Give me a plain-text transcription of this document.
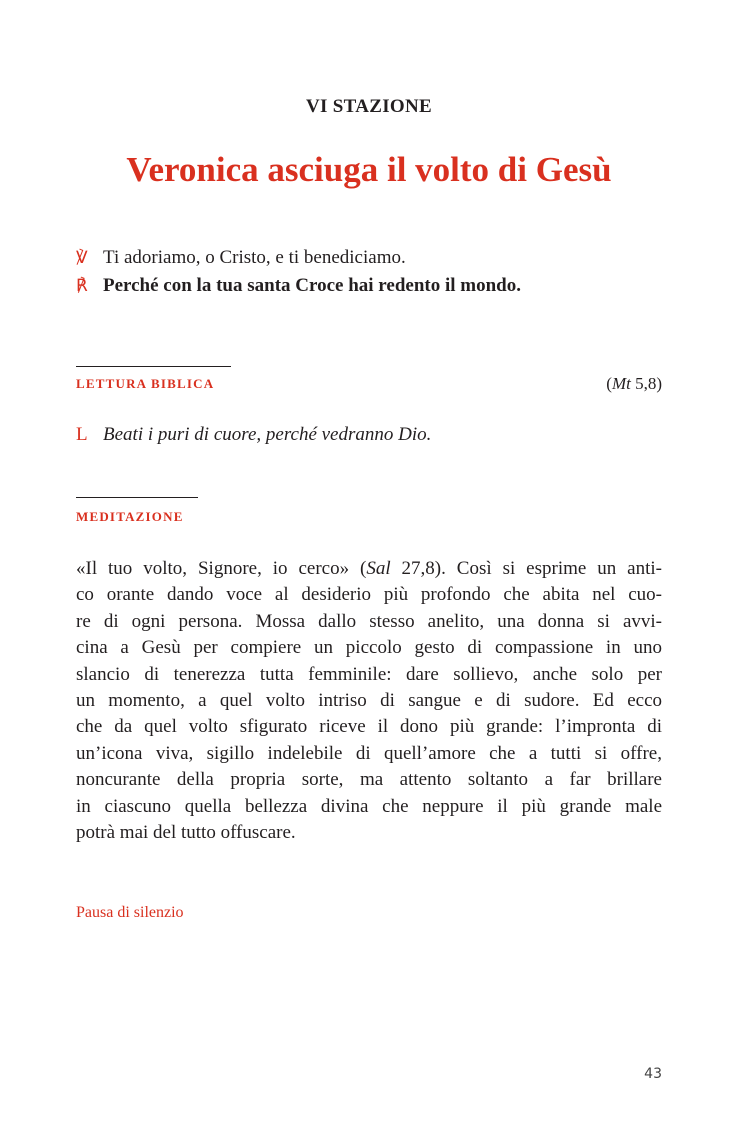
VI STAZIONE
Veronica asciuga il volto di Gesù
℣ Ti adoriamo, o Cristo, e ti benediciamo.
℟ Perché con la tua santa Croce hai redento il mondo.
LETTURA BIBLICA	(Mt 5,8)
L Beati i puri di cuore, perché vedranno Dio.
MEDITAZIONE
«Il tuo volto, Signore, io cerco» (Sal 27,8). Così si esprime un anti-
co orante dando voce al desiderio più profondo che abita nel cuo-
re di ogni persona. Mossa dallo stesso anelito, una donna si avvi-
cina a Gesù per compiere un piccolo gesto di compassione in uno
slancio di tenerezza tutta femminile: dare sollievo, anche solo per
un momento, a quel volto intriso di sangue e di sudore. Ed ecco
che da quel volto sfigurato riceve il dono più grande: l’impronta di
un’icona viva, sigillo indelebile di quell’amore che a tutti si offre,
noncurante della propria sorte, ma attento soltanto a far brillare
in ciascuno quella bellezza divina che neppure il più grande male
potrà mai del tutto offuscare.
Pausa di silenzio
43
